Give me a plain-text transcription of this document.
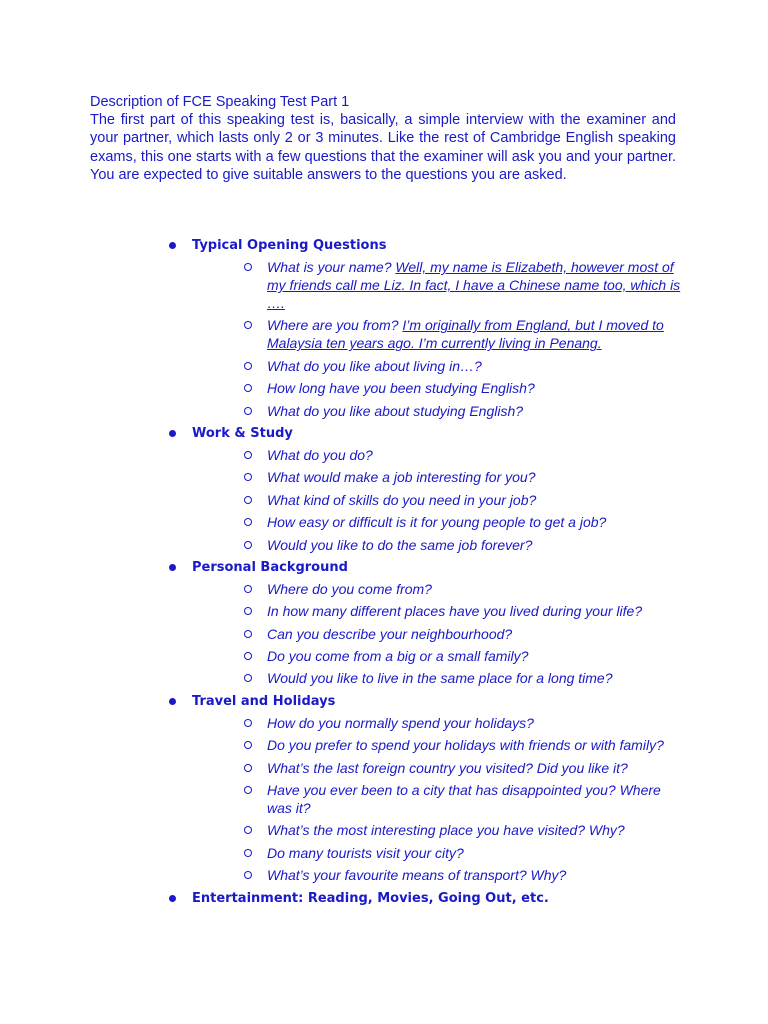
Description of FCE Speaking Test Part 1
The first part of this speaking test is, basically, a simple interview with the examiner and your partner, which lasts only 2 or 3 minutes. Like the rest of Cambridge English speaking exams, this one starts with a few questions that the examiner will ask you and your partner. You are expected to give suitable answers to the questions you are asked.
Typical Opening Questions
What is your name? Well, my name is Elizabeth, however most of my friends call me Liz. In fact, I have a Chinese name too, which is ….
Where are you from? I’m originally from England, but I moved to Malaysia ten years ago. I’m currently living in Penang.
What do you like about living in…?
How long have you been studying English?
What do you like about studying English?
Work & Study
What do you do?
What would make a job interesting for you?
What kind of skills do you need in your job?
How easy or difficult is it for young people to get a job?
Would you like to do the same job forever?
Personal Background
Where do you come from?
In how many different places have you lived during your life?
Can you describe your neighbourhood?
Do you come from a big or a small family?
Would you like to live in the same place for a long time?
Travel and Holidays
How do you normally spend your holidays?
Do you prefer to spend your holidays with friends or with family?
What’s the last foreign country you visited? Did you like it?
Have you ever been to a city that has disappointed you? Where was it?
What’s the most interesting place you have visited? Why?
Do many tourists visit your city?
What’s your favourite means of transport? Why?
Entertainment: Reading, Movies, Going Out, etc.
